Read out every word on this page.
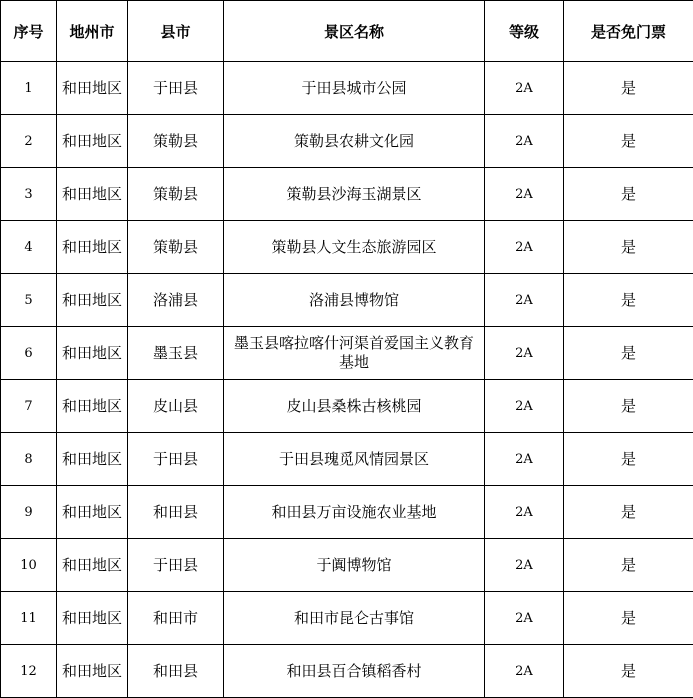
序号	地州市	县市	景区名称	等级	是否免门票
1	和田地区	于田县	于田县城市公园	2A	是
2	和田地区	策勒县	策勒县农耕文化园	2A	是
3	和田地区	策勒县	策勒县沙海玉湖景区	2A	是
4	和田地区	策勒县	策勒县人文生态旅游园区	2A	是
5	和田地区	洛浦县	洛浦县博物馆	2A	是
6	和田地区	墨玉县	墨玉县喀拉喀什河渠首爱国主义教育基地	2A	是
7	和田地区	皮山县	皮山县桑株古核桃园	2A	是
8	和田地区	于田县	于田县瑰觅风情园景区	2A	是
9	和田地区	和田县	和田县万亩设施农业基地	2A	是
10	和田地区	于田县	于阗博物馆	2A	是
11	和田地区	和田市	和田市昆仑古事馆	2A	是
12	和田地区	和田县	和田县百合镇稻香村	2A	是
